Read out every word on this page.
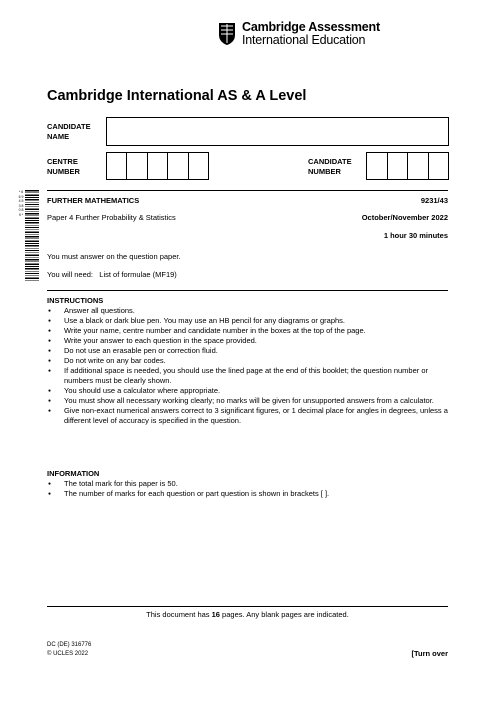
Cambridge Assessment
International Education
Cambridge International AS & A Level
CANDIDATE
NAME
CENTRE
NUMBER
CANDIDATE
NUMBER
* 6 6 9 4 5 3 8 0 8 9 *
FURTHER MATHEMATICS	9231/43
Paper 4 Further Probability & Statistics	October/November 2022
1 hour 30 minutes
You must answer on the question paper.
You will need: List of formulae (MF19)
INSTRUCTIONS
● Answer all questions.
● Use a black or dark blue pen. You may use an HB pencil for any diagrams or graphs.
● Write your name, centre number and candidate number in the boxes at the top of the page.
● Write your answer to each question in the space provided.
● Do not use an erasable pen or correction fluid.
● Do not write on any bar codes.
● If additional space is needed, you should use the lined page at the end of this booklet; the question number or numbers must be clearly shown.
● You should use a calculator where appropriate.
● You must show all necessary working clearly; no marks will be given for unsupported answers from a calculator.
● Give non-exact numerical answers correct to 3 significant figures, or 1 decimal place for angles in degrees, unless a different level of accuracy is specified in the question.
INFORMATION
● The total mark for this paper is 50.
● The number of marks for each question or part question is shown in brackets [ ].
This document has 16 pages. Any blank pages are indicated.
DC (DE) 316776
© UCLES 2022	[Turn over
